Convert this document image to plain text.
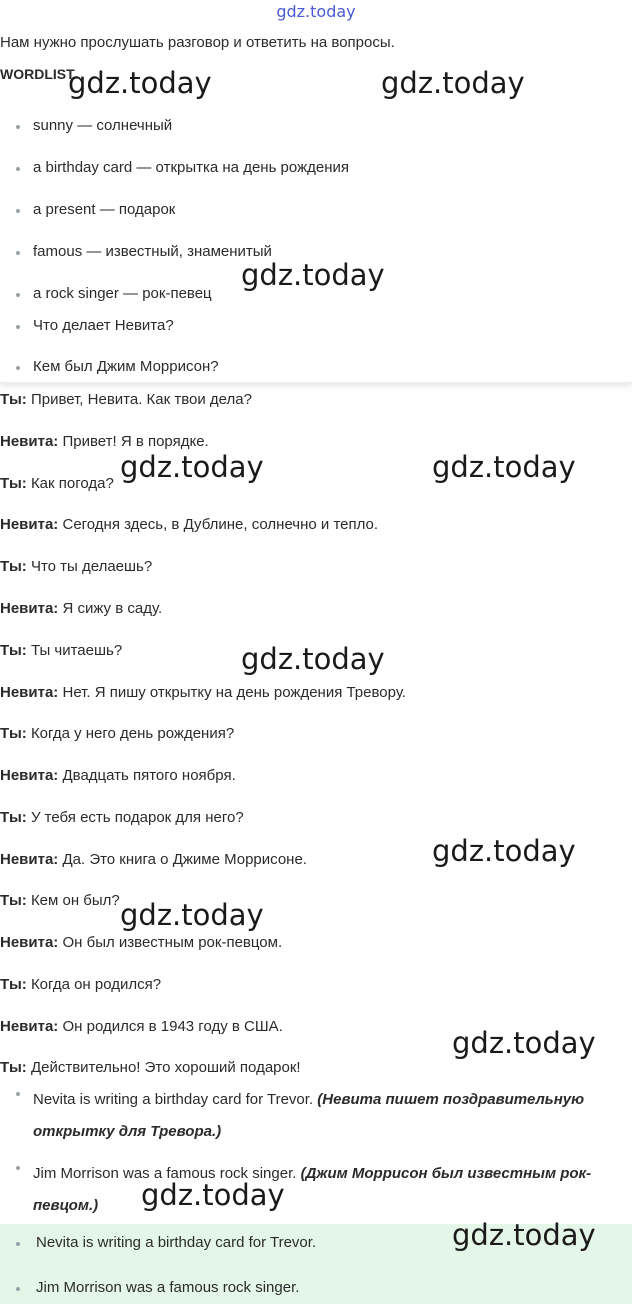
gdz.today
Нам нужно прослушать разговор и ответить на вопросы.
WORDLIST
sunny — солнечный
a birthday card — открытка на день рождения
a present — подарок
famous — известный, знаменитый
a rock singer — рок-певец
Что делает Невита?
Кем был Джим Моррисон?
Ты: Привет, Невита. Как твои дела?
Невита: Привет! Я в порядке.
Ты: Как погода?
Невита: Сегодня здесь, в Дублине, солнечно и тепло.
Ты: Что ты делаешь?
Невита: Я сижу в саду.
Ты: Ты читаешь?
Невита: Нет. Я пишу открытку на день рождения Тревору.
Ты: Когда у него день рождения?
Невита: Двадцать пятого ноября.
Ты: У тебя есть подарок для него?
Невита: Да. Это книга о Джиме Моррисоне.
Ты: Кем он был?
Невита: Он был известным рок-певцом.
Ты: Когда он родился?
Невита: Он родился в 1943 году в США.
Ты: Действительно! Это хороший подарок!
Nevita is writing a birthday card for Trevor. (Невита пишет поздравительную открытку для Тревора.)
Jim Morrison was a famous rock singer. (Джим Моррисон был известным рок-певцом.)
Nevita is writing a birthday card for Trevor.
Jim Morrison was a famous rock singer.
gdz.today	gdz.today
gdz.today
gdz.today	gdz.today
gdz.today
gdz.today
gdz.today
gdz.today
gdz.today
gdz.today
